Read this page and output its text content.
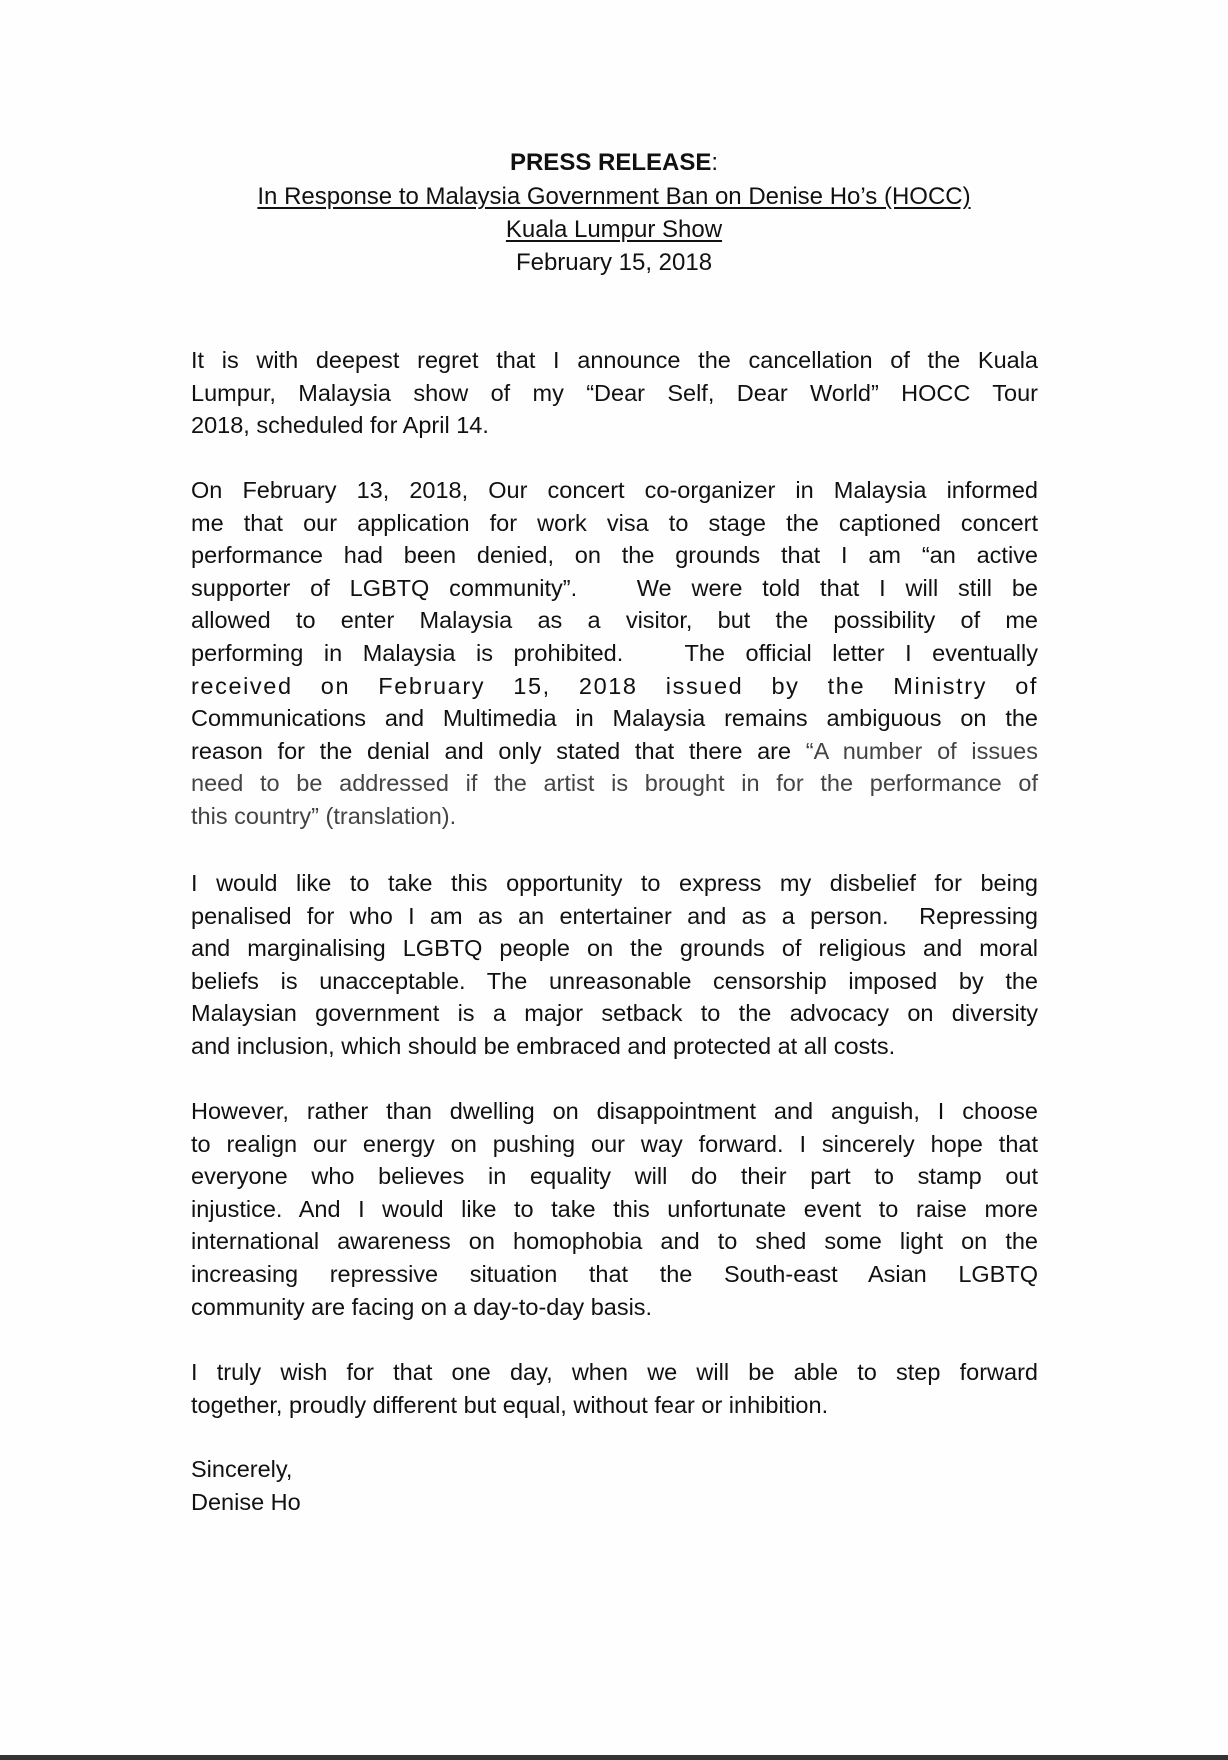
PRESS RELEASE:
In Response to Malaysia Government Ban on Denise Ho’s (HOCC)
Kuala Lumpur Show
February 15, 2018
It is with deepest regret that I announce the cancellation of the Kuala
Lumpur, Malaysia show of my “Dear Self, Dear World” HOCC Tour
2018, scheduled for April 14.
On February 13, 2018, Our concert co-organizer in Malaysia informed
me that our application for work visa to stage the captioned concert
performance had been denied, on the grounds that I am “an active
supporter of LGBTQ community”.   We were told that I will still be
allowed to enter Malaysia as a visitor, but the possibility of me
performing in Malaysia is prohibited.   The official letter I eventually
received on February 15, 2018 issued by the Ministry of
Communications and Multimedia in Malaysia remains ambiguous on the
reason for the denial and only stated that there are “A number of issues
need to be addressed if the artist is brought in for the performance of
this country” (translation).
I would like to take this opportunity to express my disbelief for being
penalised for who I am as an entertainer and as a person.  Repressing
and marginalising LGBTQ people on the grounds of religious and moral
beliefs is unacceptable. The unreasonable censorship imposed by the
Malaysian government is a major setback to the advocacy on diversity
and inclusion, which should be embraced and protected at all costs.
However, rather than dwelling on disappointment and anguish, I choose
to realign our energy on pushing our way forward. I sincerely hope that
everyone who believes in equality will do their part to stamp out
injustice. And I would like to take this unfortunate event to raise more
international awareness on homophobia and to shed some light on the
increasing repressive situation that the South-east Asian LGBTQ
community are facing on a day-to-day basis.
I truly wish for that one day, when we will be able to step forward
together, proudly different but equal, without fear or inhibition.
Sincerely,
Denise Ho
